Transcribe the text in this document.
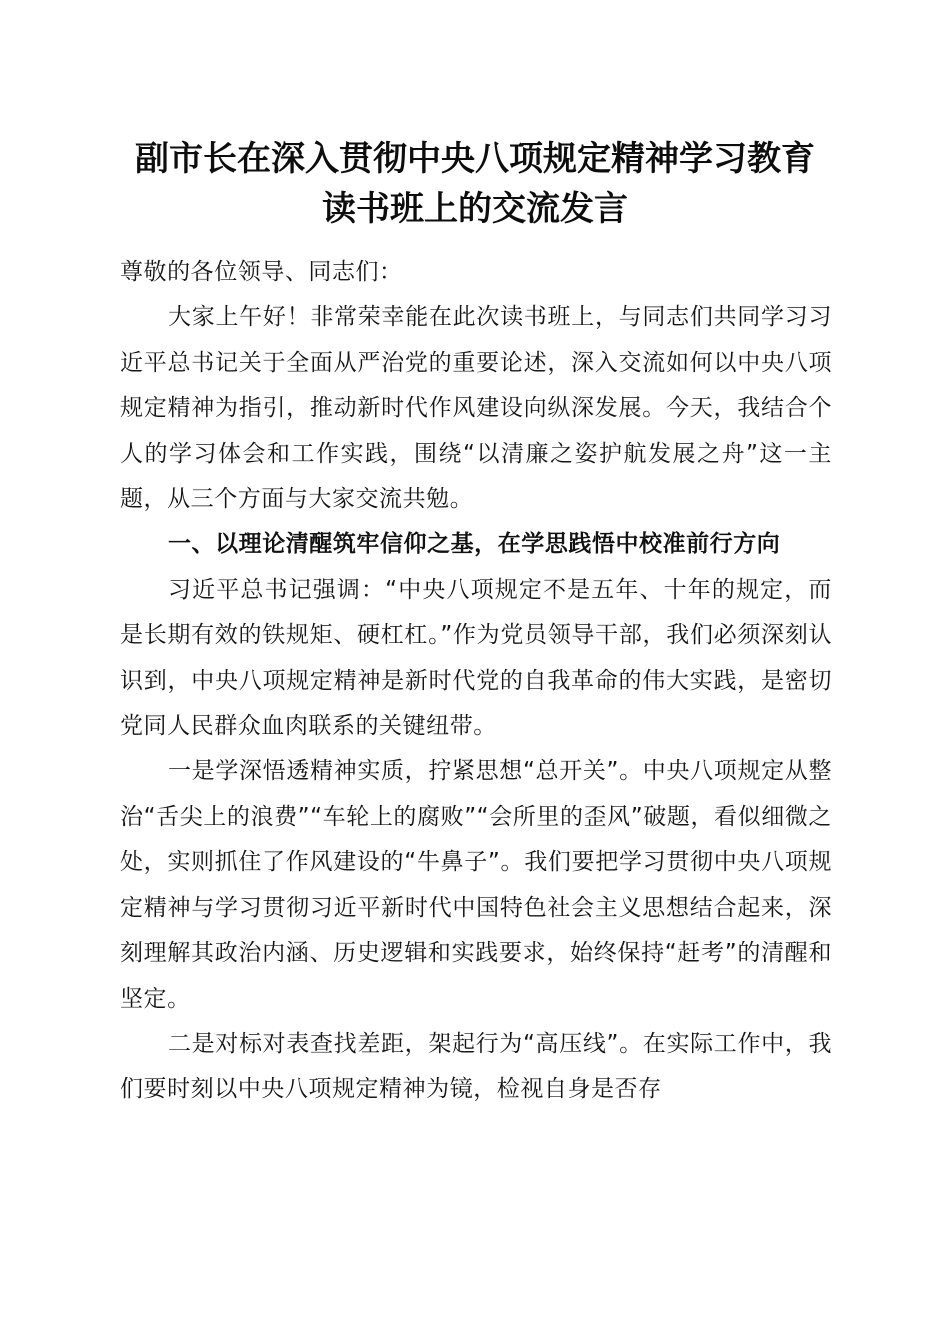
副市长在深入贯彻中央八项规定精神学习教育
读书班上的交流发言

尊敬的各位领导、同志们：

大家上午好！非常荣幸能在此次读书班上，与同志们共同学习习近平总书记关于全面从严治党的重要论述，深入交流如何以中央八项规定精神为指引，推动新时代作风建设向纵深发展。今天，我结合个人的学习体会和工作实践，围绕“以清廉之姿护航发展之舟”这一主题，从三个方面与大家交流共勉。

一、以理论清醒筑牢信仰之基，在学思践悟中校准前行方向

习近平总书记强调：“中央八项规定不是五年、十年的规定，而是长期有效的铁规矩、硬杠杠。”作为党员领导干部，我们必须深刻认识到，中央八项规定精神是新时代党的自我革命的伟大实践，是密切党同人民群众血肉联系的关键纽带。

一是学深悟透精神实质，拧紧思想“总开关”。中央八项规定从整治“舌尖上的浪费”“车轮上的腐败”“会所里的歪风”破题，看似细微之处，实则抓住了作风建设的“牛鼻子”。我们要把学习贯彻中央八项规定精神与学习贯彻习近平新时代中国特色社会主义思想结合起来，深刻理解其政治内涵、历史逻辑和实践要求，始终保持“赶考”的清醒和坚定。

二是对标对表查找差距，架起行为“高压线”。在实际工作中，我们要时刻以中央八项规定精神为镜，检视自身是否存
